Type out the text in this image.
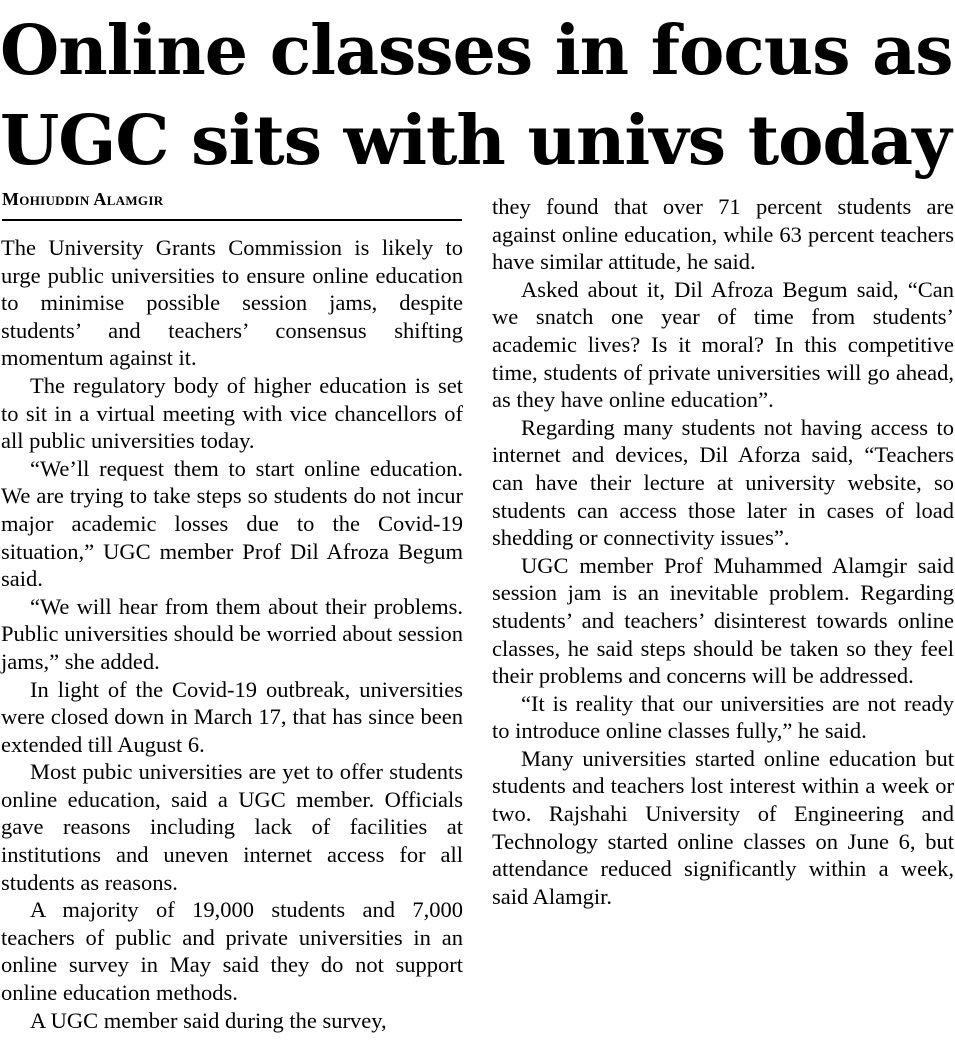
Online classes in focus as
UGC sits with univs today
Mohiuddin Alamgir

The University Grants Commission is likely to urge public universities to ensure online education to minimise possible session jams, despite students’ and teachers’ consensus shifting momentum against it.

The regulatory body of higher education is set to sit in a virtual meeting with vice chancellors of all public universities today.

“We’ll request them to start online education. We are trying to take steps so students do not incur major academic losses due to the Covid-19 situation,” UGC member Prof Dil Afroza Begum said.

“We will hear from them about their problems. Public universities should be worried about session jams,” she added.

In light of the Covid-19 outbreak, universities were closed down in March 17, that has since been extended till August 6.

Most pubic universities are yet to offer students online education, said a UGC member. Officials gave reasons including lack of facilities at institutions and uneven internet access for all students as reasons.

A majority of 19,000 students and 7,000 teachers of public and private universities in an online survey in May said they do not support online education methods.

A UGC member said during the survey,

they found that over 71 percent students are against online education, while 63 percent teachers have similar attitude, he said.

Asked about it, Dil Afroza Begum said, “Can we snatch one year of time from students’ academic lives? Is it moral? In this competitive time, students of private universities will go ahead, as they have online education”.

Regarding many students not having access to internet and devices, Dil Aforza said, “Teachers can have their lecture at university website, so students can access those later in cases of load shedding or connectivity issues”.

UGC member Prof Muhammed Alamgir said session jam is an inevitable problem. Regarding students’ and teachers’ disinterest towards online classes, he said steps should be taken so they feel their problems and concerns will be addressed.

“It is reality that our universities are not ready to introduce online classes fully,” he said.

Many universities started online education but students and teachers lost interest within a week or two. Rajshahi University of Engineering and Technology started online classes on June 6, but attendance reduced significantly within a week, said Alamgir.
